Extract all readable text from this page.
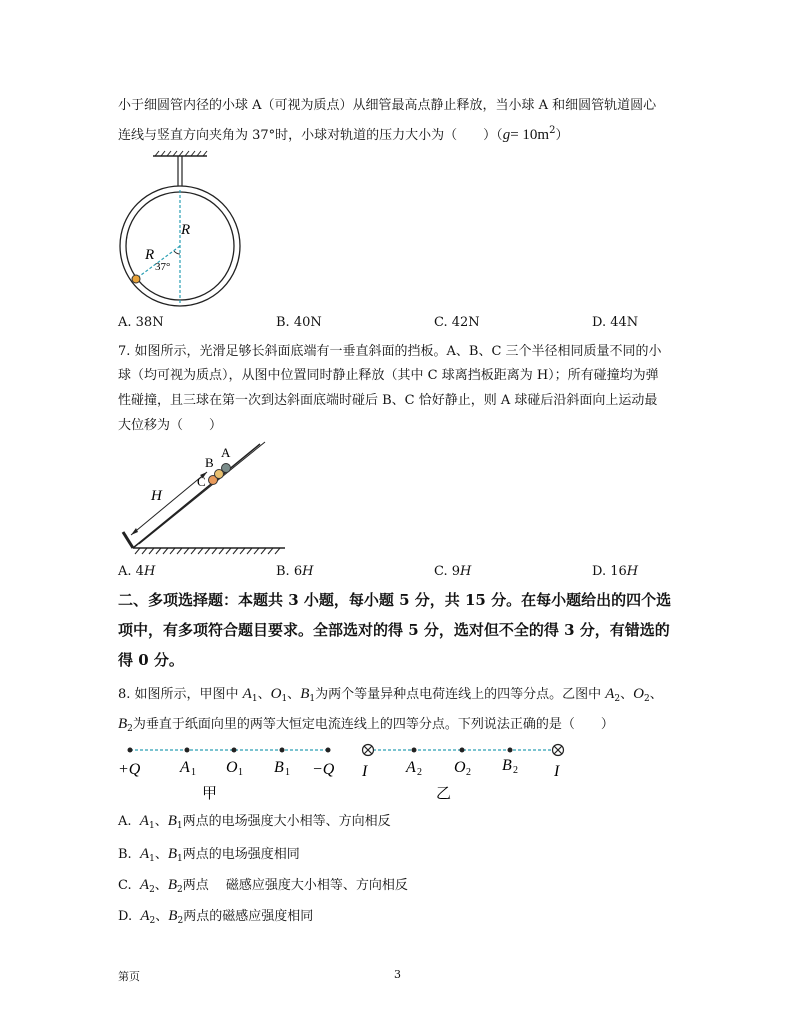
小于细圆管内径的小球 A（可视为质点）从细管最高点静止释放，当小球 A 和细圆管轨道圆心
连线与竖直方向夹角为 37°时，小球对轨道的压力大小为（　　）$(g= 10m^2)$
R
R
37°
A. 38N	B. 40N	C. 42N	D. 44N
7. 如图所示，光滑足够长斜面底端有一垂直斜面的挡板。A、B、C 三个半径相同质量不同的小
球（均可视为质点），从图中位置同时静止释放（其中 C 球离挡板距离为 H）；所有碰撞均为弹
性碰撞，且三球在第一次到达斜面底端时碰后 B、C 恰好静止，则 A 球碰后沿斜面向上运动最
大位移为（　　）
A
B
C
H
A. 4H	B. 6H	C. 9H	D. 16H
二、多项选择题：本题共 3 小题，每小题 5 分，共 15 分。在每小题给出的四个选
项中，有多项符合题目要求。全部选对的得 5 分，选对但不全的得 3 分，有错选的
得 0 分。
8. 如图所示，甲图中 $A_1$、$O_1$、$B_1$为两个等量异种点电荷连线上的四等分点。乙图中 $A_2$、$O_2$、
$B_2$为垂直于纸面向里的两等大恒定电流连线上的四等分点。下列说法正确的是（　　）
+Q A 1 O 1 B 1 −Q
甲
I A 2 O 2 B 2 I
乙
A. $A_1$、$B_1$两点的电场强度大小相等、方向相反
B. $A_1$、$B_1$两点的电场强度相同
C. $A_2$、$B_2$两点　 磁感应强度大小相等、方向相反
D. $A_2$、$B_2$两点的磁感应强度相同
第页	3
